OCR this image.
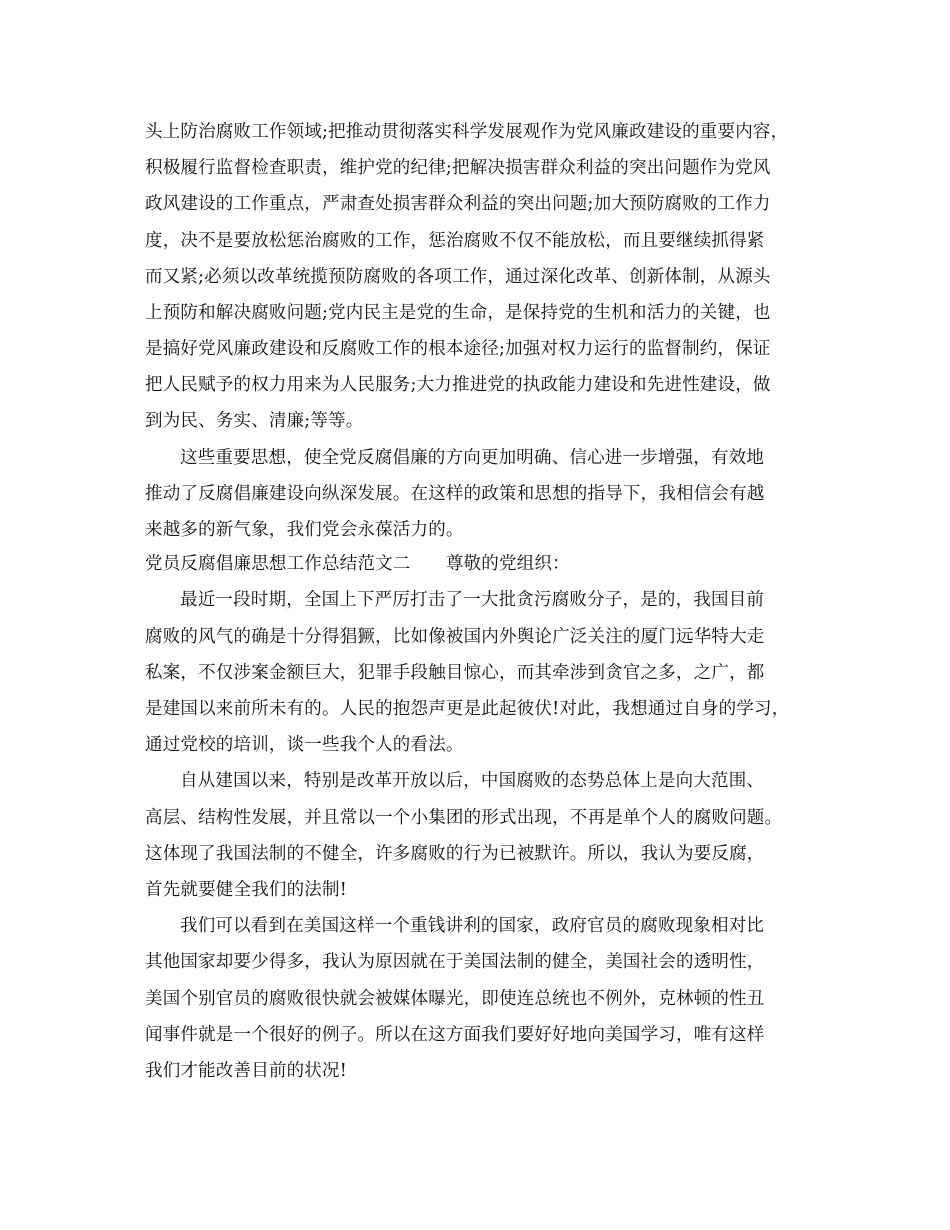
头上防治腐败工作领域;把推动贯彻落实科学发展观作为党风廉政建设的重要内容，
积极履行监督检查职责，维护党的纪律;把解决损害群众利益的突出问题作为党风
政风建设的工作重点，严肃查处损害群众利益的突出问题;加大预防腐败的工作力
度，决不是要放松惩治腐败的工作，惩治腐败不仅不能放松，而且要继续抓得紧
而又紧;必须以改革统揽预防腐败的各项工作，通过深化改革、创新体制，从源头
上预防和解决腐败问题;党内民主是党的生命，是保持党的生机和活力的关键，也
是搞好党风廉政建设和反腐败工作的根本途径;加强对权力运行的监督制约，保证
把人民赋予的权力用来为人民服务;大力推进党的执政能力建设和先进性建设，做
到为民、务实、清廉;等等。
这些重要思想，使全党反腐倡廉的方向更加明确、信心进一步增强，有效地
推动了反腐倡廉建设向纵深发展。在这样的政策和思想的指导下，我相信会有越
来越多的新气象，我们党会永葆活力的。
党员反腐倡廉思想工作总结范文二　　尊敬的党组织：
最近一段时期，全国上下严厉打击了一大批贪污腐败分子，是的，我国目前
腐败的风气的确是十分得猖獗，比如像被国内外舆论广泛关注的厦门远华特大走
私案，不仅涉案金额巨大，犯罪手段触目惊心，而其牵涉到贪官之多，之广，都
是建国以来前所未有的。人民的抱怨声更是此起彼伏!对此，我想通过自身的学习，
通过党校的培训，谈一些我个人的看法。
自从建国以来，特别是改革开放以后，中国腐败的态势总体上是向大范围、
高层、结构性发展，并且常以一个小集团的形式出现，不再是单个人的腐败问题。
这体现了我国法制的不健全，许多腐败的行为已被默许。所以，我认为要反腐，
首先就要健全我们的法制!
我们可以看到在美国这样一个重钱讲利的国家，政府官员的腐败现象相对比
其他国家却要少得多，我认为原因就在于美国法制的健全，美国社会的透明性，
美国个别官员的腐败很快就会被媒体曝光，即使连总统也不例外，克林顿的性丑
闻事件就是一个很好的例子。所以在这方面我们要好好地向美国学习，唯有这样
我们才能改善目前的状况!
